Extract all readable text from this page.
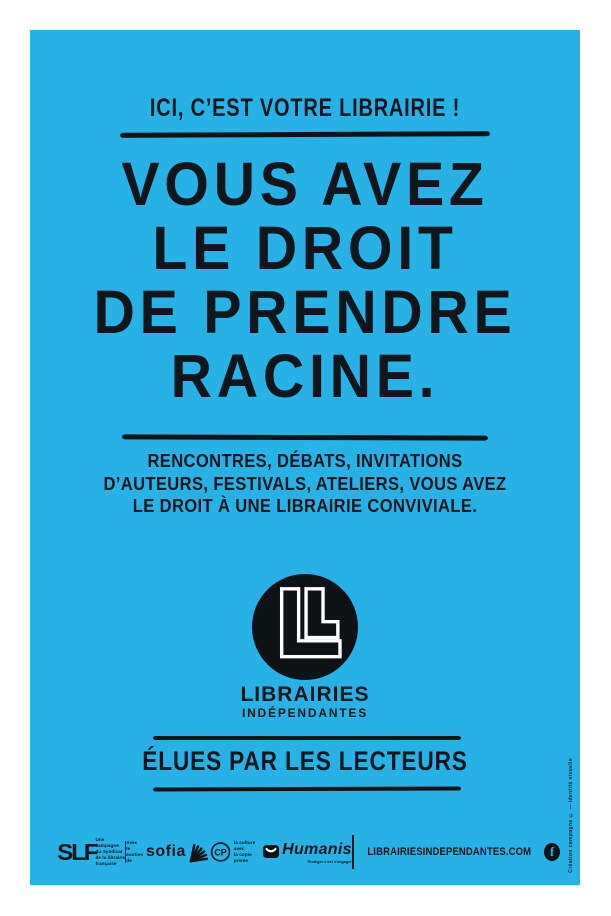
ICI, C’EST VOTRE LIBRAIRIE !
VOUS AVEZ
LE DROIT
DE PRENDRE
RACINE.
RENCONTRES, DÉBATS, INVITATIONS
D’AUTEURS, FESTIVALS, ATELIERS, VOUS AVEZ
LE DROIT À UNE LIBRAIRIE CONVIVIALE.
LIBRAIRIES
INDÉPENDANTES
ÉLUES PAR LES LECTEURS
SLF Une campagne
du Syndicat
de la librairie
française
Avec
le soutien
de
sofia	CP
la culture avec
la copie privée
Humanis
Protéger c’est s’engager
LIBRAIRIESINDEPENDANTES.COM f	Création campagne © — Identité visuelle
